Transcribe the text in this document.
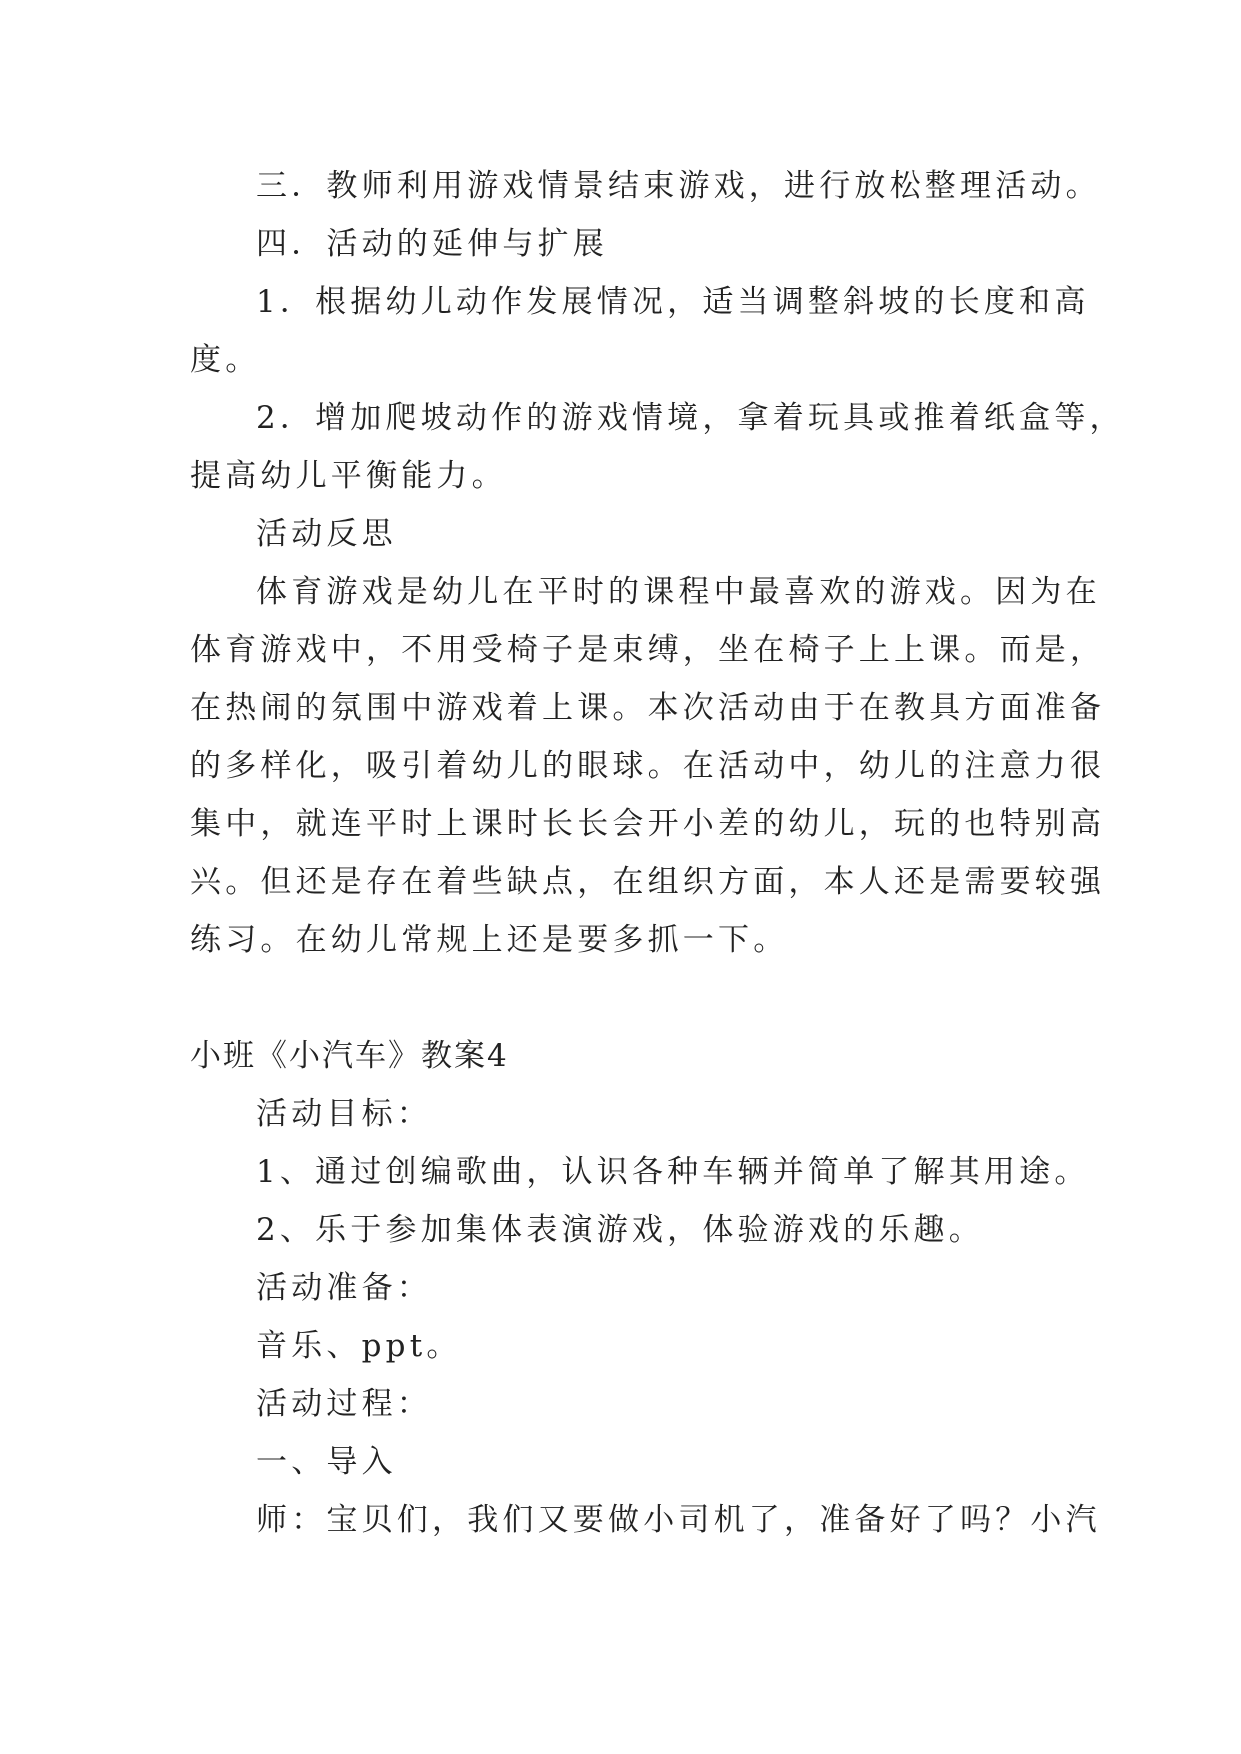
三．教师利用游戏情景结束游戏，进行放松整理活动。
四．活动的延伸与扩展
1．根据幼儿动作发展情况，适当调整斜坡的长度和高
度。
2．增加爬坡动作的游戏情境，拿着玩具或推着纸盒等，
提高幼儿平衡能力。
活动反思
体育游戏是幼儿在平时的课程中最喜欢的游戏。因为在
体育游戏中，不用受椅子是束缚，坐在椅子上上课。而是，
在热闹的氛围中游戏着上课。本次活动由于在教具方面准备
的多样化，吸引着幼儿的眼球。在活动中，幼儿的注意力很
集中，就连平时上课时长长会开小差的幼儿，玩的也特别高
兴。但还是存在着些缺点，在组织方面，本人还是需要较强
练习。在幼儿常规上还是要多抓一下。
小班《小汽车》教案4
活动目标：
1、通过创编歌曲，认识各种车辆并简单了解其用途。
2、乐于参加集体表演游戏，体验游戏的乐趣。
活动准备：
音乐、ppt。
活动过程：
一、导入
师：宝贝们，我们又要做小司机了，准备好了吗？小汽
